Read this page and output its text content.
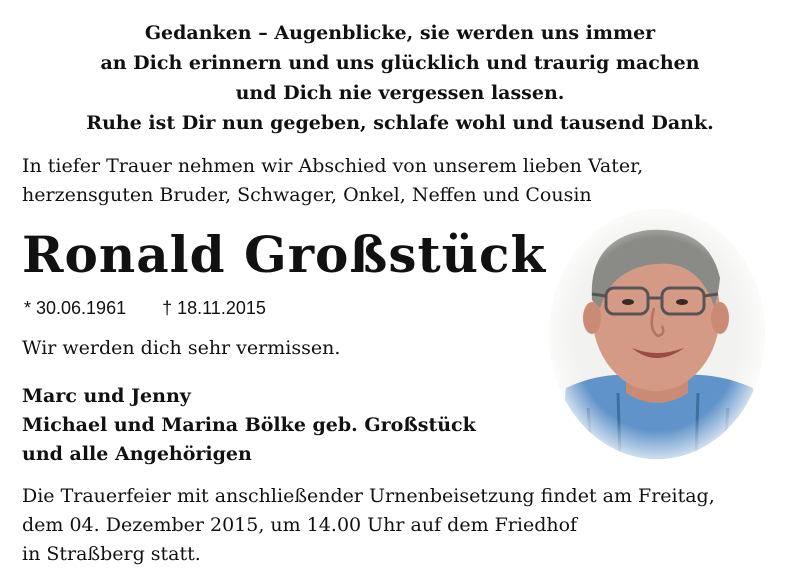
Gedanken – Augenblicke, sie werden uns immer
an Dich erinnern und uns glücklich und traurig machen
und Dich nie vergessen lassen.
Ruhe ist Dir nun gegeben, schlafe wohl und tausend Dank.
In tiefer Trauer nehmen wir Abschied von unserem lieben Vater,
herzensguten Bruder, Schwager, Onkel, Neffen und Cousin
Ronald Großstück
* 30.06.1961 † 18.11.2015
Wir werden dich sehr vermissen.
Marc und Jenny
Michael und Marina Bölke geb. Großstück
und alle Angehörigen
Die Trauerfeier mit anschließender Urnenbeisetzung findet am Freitag,
dem 04. Dezember 2015, um 14.00 Uhr auf dem Friedhof
in Straßberg statt.
